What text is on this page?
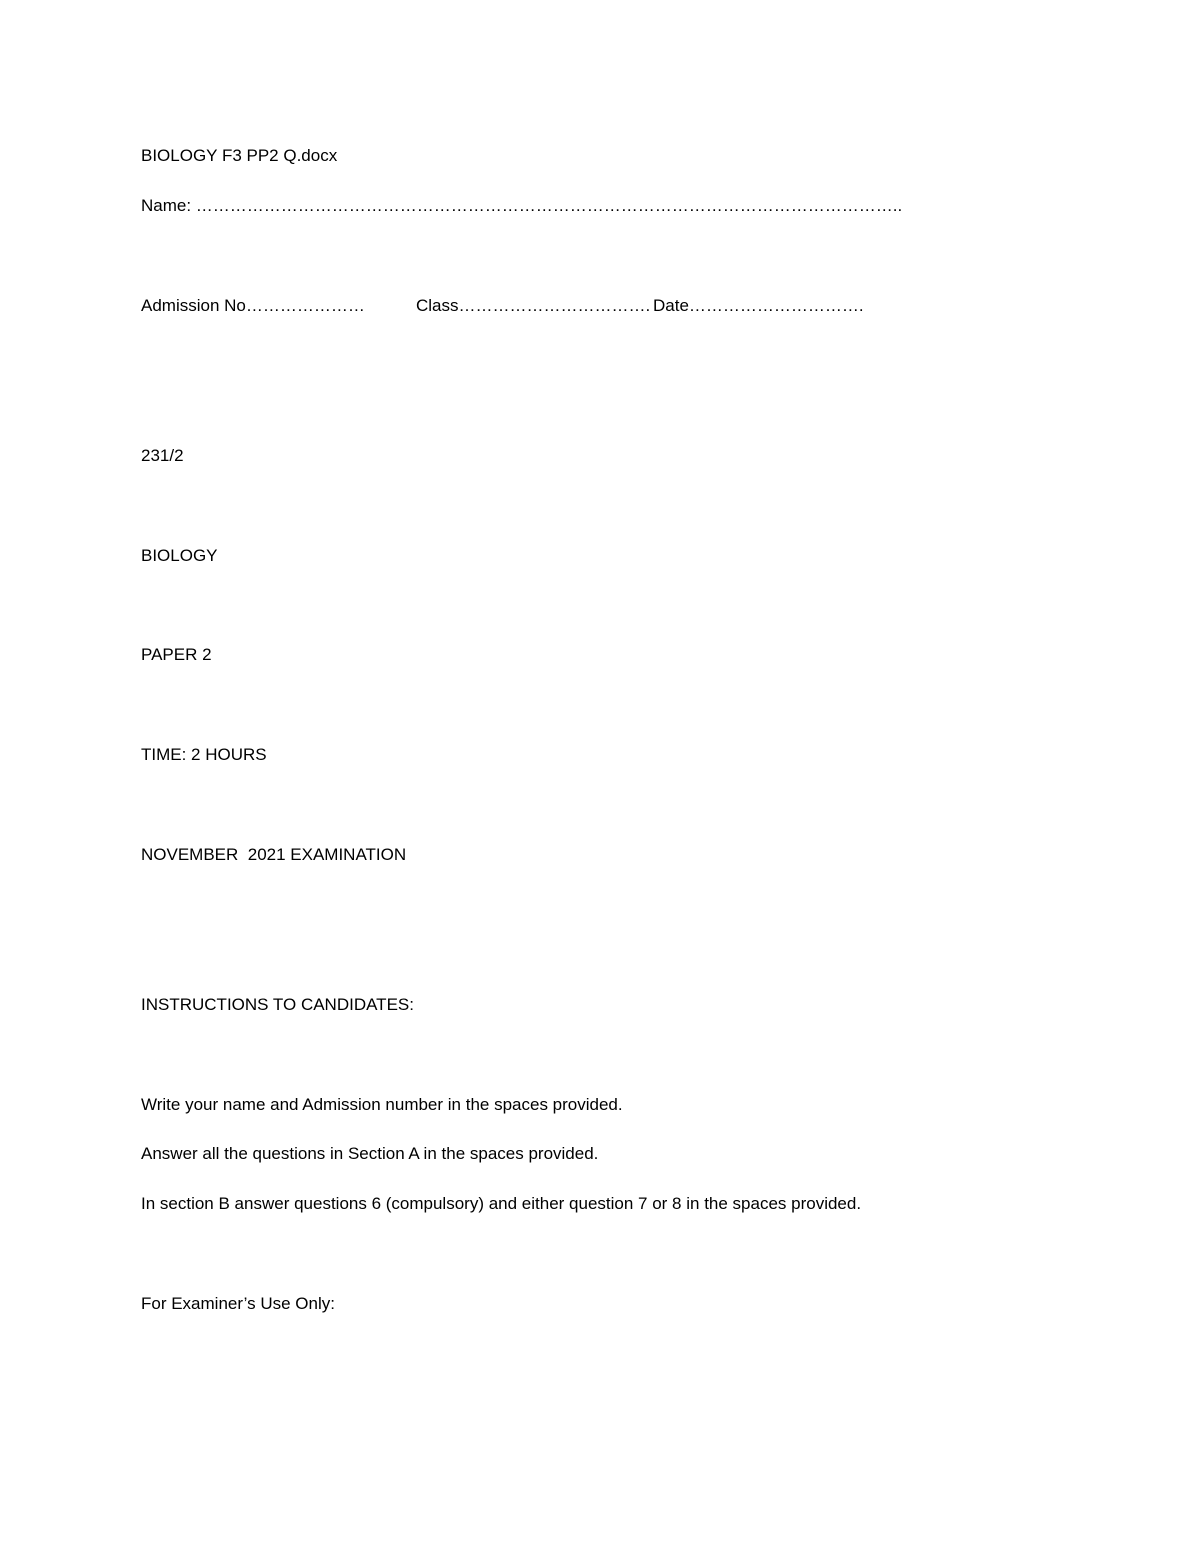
BIOLOGY F3 PP2 Q.docx
Name: ……………………………………………………………………………………………………………..
Admission No…………………	Class……………………………. Date………………………….
231/2
BIOLOGY
PAPER 2
TIME: 2 HOURS
NOVEMBER  2021 EXAMINATION
INSTRUCTIONS TO CANDIDATES:
Write your name and Admission number in the spaces provided.
Answer all the questions in Section A in the spaces provided.
In section B answer questions 6 (compulsory) and either question 7 or 8 in the spaces provided.
For Examiner’s Use Only:
